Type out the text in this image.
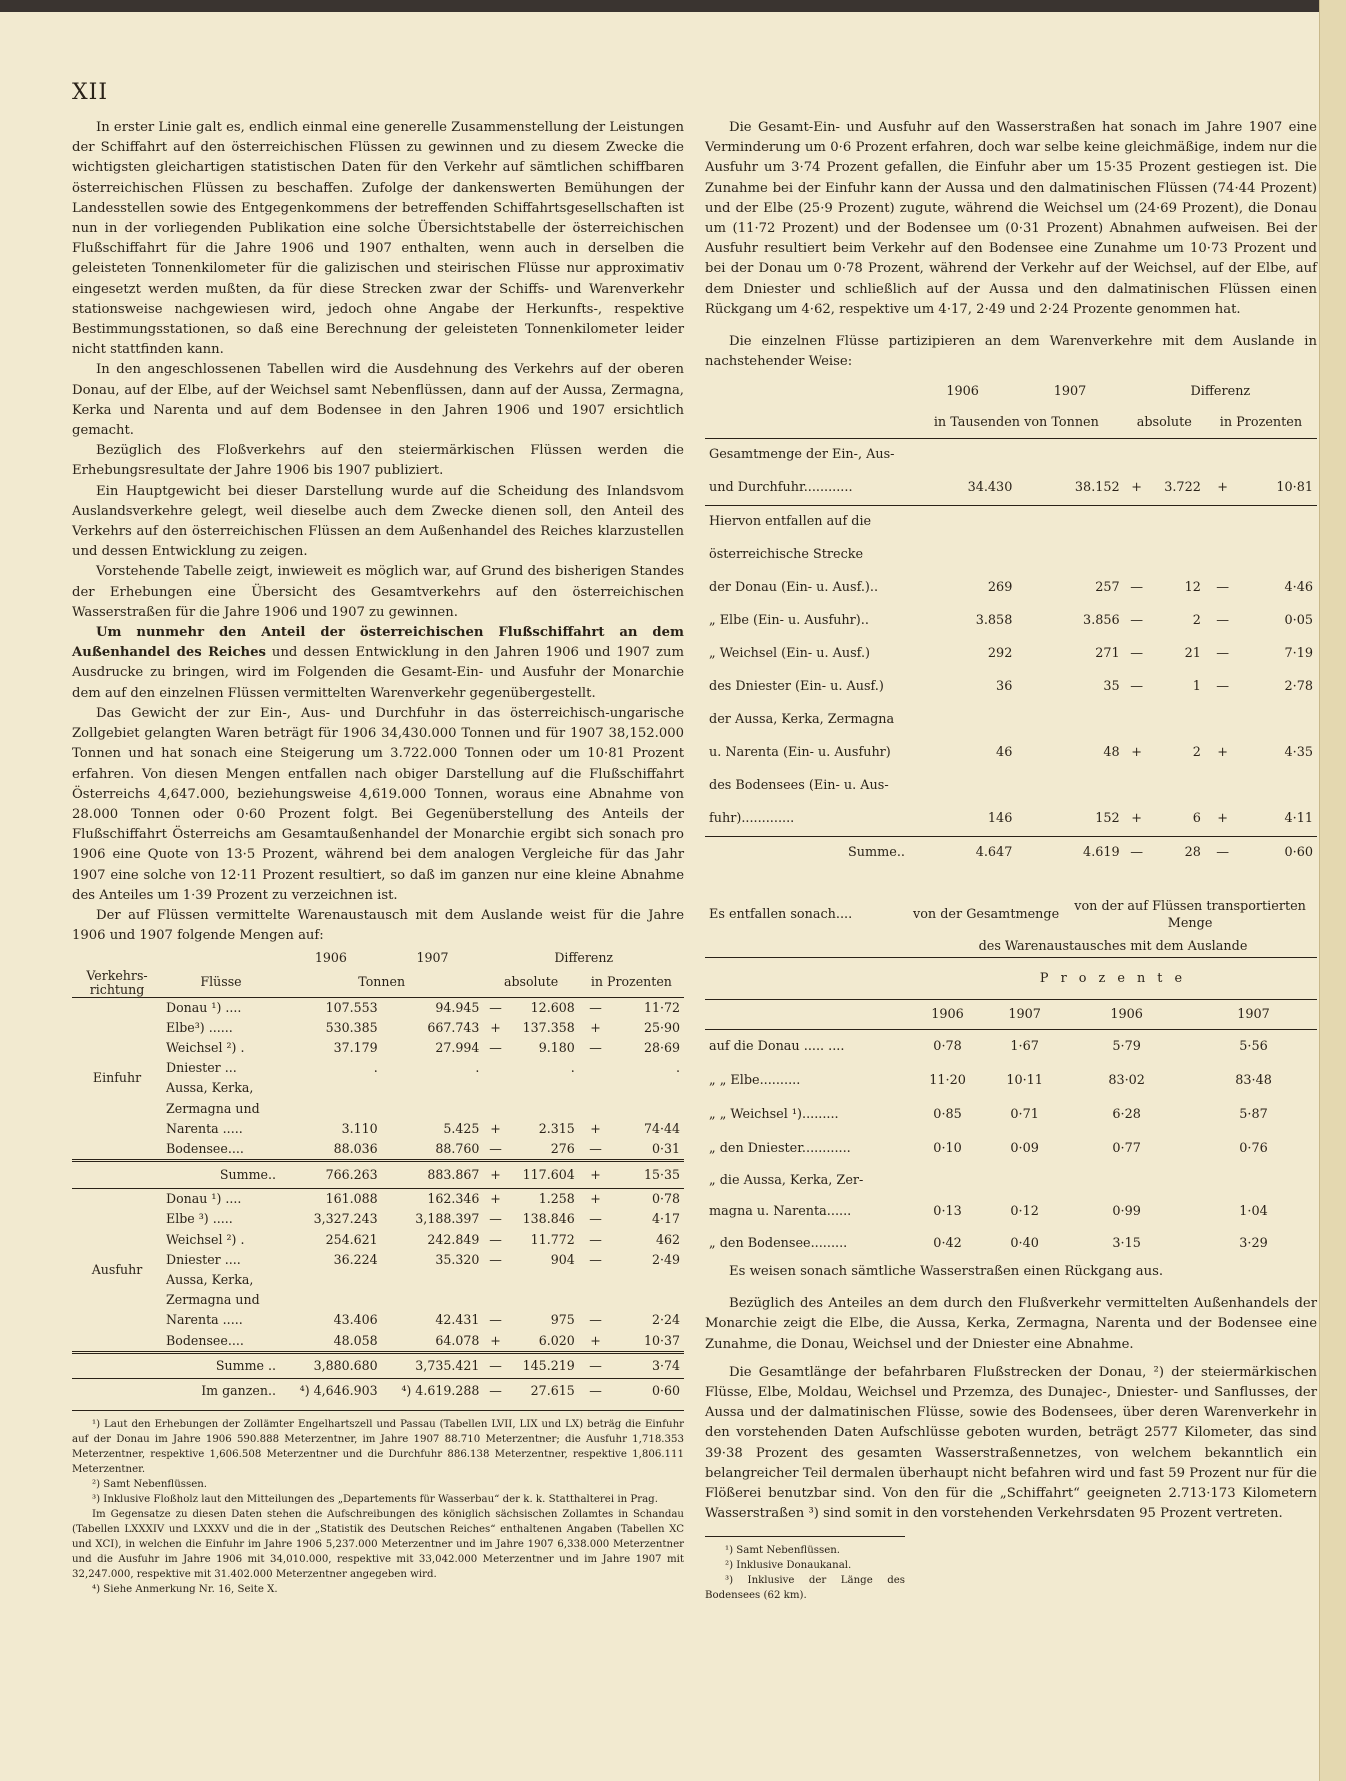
XII

In erster Linie galt es, endlich einmal eine generelle Zusammenstellung der Leistungen der Schiffahrt auf den österreichischen Flüssen zu gewinnen und zu diesem Zwecke die wichtigsten gleichartigen statistischen Daten für den Verkehr auf sämtlichen schiffbaren österreichischen Flüssen zu beschaffen. Zufolge der dankenswerten Bemühungen der Landesstellen sowie des Entgegenkommens der betreffenden Schiffahrtsgesellschaften ist nun in der vorliegenden Publikation eine solche Übersichtstabelle der österreichischen Flußschiffahrt für die Jahre 1906 und 1907 enthalten, wenn auch in derselben die geleisteten Tonnenkilometer für die galizischen und steirischen Flüsse nur approximativ eingesetzt werden mußten, da für diese Strecken zwar der Schiffs- und Warenverkehr stationsweise nachgewiesen wird, jedoch ohne Angabe der Herkunfts-, respektive Bestimmungsstationen, so daß eine Berechnung der geleisteten Tonnenkilometer leider nicht stattfinden kann.

In den angeschlossenen Tabellen wird die Ausdehnung des Verkehrs auf der oberen Donau, auf der Elbe, auf der Weichsel samt Nebenflüssen, dann auf der Aussa, Zermagna, Kerka und Narenta und auf dem Bodensee in den Jahren 1906 und 1907 ersichtlich gemacht.

Bezüglich des Floßverkehrs auf den steiermärkischen Flüssen werden die Erhebungsresultate der Jahre 1906 bis 1907 publiziert.

Ein Hauptgewicht bei dieser Darstellung wurde auf die Scheidung des Inlandsvom Auslandsverkehre gelegt, weil dieselbe auch dem Zwecke dienen soll, den Anteil des Verkehrs auf den österreichischen Flüssen an dem Außenhandel des Reiches klarzustellen und dessen Entwicklung zu zeigen.

Vorstehende Tabelle zeigt, inwieweit es möglich war, auf Grund des bisherigen Standes der Erhebungen eine Übersicht des Gesamtverkehrs auf den österreichischen Wasserstraßen für die Jahre 1906 und 1907 zu gewinnen.

Um nunmehr den Anteil der österreichischen Flußschiffahrt an dem Außenhandel des Reiches und dessen Entwicklung in den Jahren 1906 und 1907 zum Ausdrucke zu bringen, wird im Folgenden die Gesamt-Ein- und Ausfuhr der Monarchie dem auf den einzelnen Flüssen vermittelten Warenverkehr gegenübergestellt.

Das Gewicht der zur Ein-, Aus- und Durchfuhr in das österreichisch-ungarische Zollgebiet gelangten Waren beträgt für 1906 34,430.000 Tonnen und für 1907 38,152.000 Tonnen und hat sonach eine Steigerung um 3.722.000 Tonnen oder um 10·81 Prozent erfahren. Von diesen Mengen entfallen nach obiger Darstellung auf die Flußschiffahrt Österreichs 4,647.000, beziehungsweise 4,619.000 Tonnen, woraus eine Abnahme von 28.000 Tonnen oder 0·60 Prozent folgt. Bei Gegenüberstellung des Anteils der Flußschiffahrt Österreichs am Gesamtaußenhandel der Monarchie ergibt sich sonach pro 1906 eine Quote von 13·5 Prozent, während bei dem analogen Vergleiche für das Jahr 1907 eine solche von 12·11 Prozent resultiert, so daß im ganzen nur eine kleine Abnahme des Anteiles um 1·39 Prozent zu verzeichnen ist.

Der auf Flüssen vermittelte Warenaustausch mit dem Auslande weist für die Jahre 1906 und 1907 folgende Mengen auf:

		1906	1907	Differenz			
Verkehrs-richtung	Flüsse	Tonnen		absolute		in Prozenten	
Einfuhr	Donau ¹) ....	107.553	94.945	—	12.608	—	11·72
	Elbe³) ......	530.385	667.743	+	137.358	+	25·90
	Weichsel ²) .	37.179	27.994	—	9.180	—	28·69
	Dniester ...	.	.		.		.
	Aussa, Kerka,						
	Zermagna und						
	Narenta .....	3.110	5.425	+	2.315	+	74·44
	Bodensee....	88.036	88.760	—	276	—	0·31
	Summe..	766.263	883.867	+	117.604	+	15·35
Ausfuhr	Donau ¹) ....	161.088	162.346	+	1.258	+	0·78
	Elbe ³) .....	3,327.243	3,188.397	—	138.846	—	4·17
	Weichsel ²) .	254.621	242.849	—	11.772	—	462
	Dniester ....	36.224	35.320	—	904	—	2·49
	Aussa, Kerka,						
	Zermagna und						
	Narenta .....	43.406	42.431	—	975	—	2·24
	Bodensee....	48.058	64.078	+	6.020	+	10·37
	Summe ..	3,880.680	3,735.421	—	145.219	—	3·74
	Im ganzen..	⁴) 4,646.903	⁴) 4.619.288	—	27.615	—	0·60

¹) Laut den Erhebungen der Zollämter Engelhartszell und Passau (Tabellen LVII, LIX und LX) beträg die Einfuhr auf der Donau im Jahre 1906 590.888 Meterzentner, im Jahre 1907 88.710 Meterzentner; die Ausfuhr 1,718.353 Meterzentner, respektive 1,606.508 Meterzentner und die Durchfuhr 886.138 Meterzentner, respektive 1,806.111 Meterzentner.

²) Samt Nebenflüssen.

³) Inklusive Floßholz laut den Mitteilungen des „Departements für Wasserbau“ der k. k. Statthalterei in Prag.

Im Gegensatze zu diesen Daten stehen die Aufschreibungen des königlich sächsischen Zollamtes in Schandau (Tabellen LXXXIV und LXXXV und die in der „Statistik des Deutschen Reiches“ enthaltenen Angaben (Tabellen XC und XCI), in welchen die Einfuhr im Jahre 1906 5,237.000 Meterzentner und im Jahre 1907 6,338.000 Meterzentner und die Ausfuhr im Jahre 1906 mit 34,010.000, respektive mit 33,042.000 Meterzentner und im Jahre 1907 mit 32,247.000, respektive mit 31.402.000 Meterzentner angegeben wird.

⁴) Siehe Anmerkung Nr. 16, Seite X.

Die Gesamt-Ein- und Ausfuhr auf den Wasserstraßen hat sonach im Jahre 1907 eine Verminderung um 0·6 Prozent erfahren, doch war selbe keine gleichmäßige, indem nur die Ausfuhr um 3·74 Prozent gefallen, die Einfuhr aber um 15·35 Prozent gestiegen ist. Die Zunahme bei der Einfuhr kann der Aussa und den dalmatinischen Flüssen (74·44 Prozent) und der Elbe (25·9 Prozent) zugute, während die Weichsel um (24·69 Prozent), die Donau um (11·72 Prozent) und der Bodensee um (0·31 Prozent) Abnahmen aufweisen. Bei der Ausfuhr resultiert beim Verkehr auf den Bodensee eine Zunahme um 10·73 Prozent und bei der Donau um 0·78 Prozent, während der Verkehr auf der Weichsel, auf der Elbe, auf dem Dniester und schließlich auf der Aussa und den dalmatinischen Flüssen einen Rückgang um 4·62, respektive um 4·17, 2·49 und 2·24 Prozente genommen hat.

Die einzelnen Flüsse partizipieren an dem Warenverkehre mit dem Auslande in nachstehender Weise:

	1906	1907	Differenz			
	in Tausenden von Tonnen		absolute		in Prozenten	
Gesamtmenge der Ein-, Aus-						
und Durchfuhr............	34.430	38.152	+	3.722	+	10·81
Hiervon entfallen auf die						
österreichische Strecke						
der Donau (Ein- u. Ausf.)..	269	257	—	12	—	4·46
„ Elbe (Ein- u. Ausfuhr)..	3.858	3.856	—	2	—	0·05
„ Weichsel (Ein- u. Ausf.)	292	271	—	21	—	7·19
des Dniester (Ein- u. Ausf.)	36	35	—	1	—	2·78
der Aussa, Kerka, Zermagna						
u. Narenta (Ein- u. Ausfuhr)	46	48	+	2	+	4·35
des Bodensees (Ein- u. Aus-						
fuhr).............	146	152	+	6	+	4·11
Summe..	4.647	4.619	—	28	—	0·60
Es entfallen sonach....	von der Gesamtmenge		von der auf Flüssen transportierten Menge	
	des Warenaustausches mit dem Auslande			
	P r o z e n t e			
	1906	1907	1906	1907
auf die Donau ..... ....	0·78	1·67	5·79	5·56
„ „ Elbe..........	11·20	10·11	83·02	83·48
„ „ Weichsel ¹).........	0·85	0·71	6·28	5·87
„ den Dniester............	0·10	0·09	0·77	0·76
„ die Aussa, Kerka, Zer-				
magna u. Narenta......	0·13	0·12	0·99	1·04
„ den Bodensee.........	0·42	0·40	3·15	3·29

Es weisen sonach sämtliche Wasserstraßen einen Rückgang aus.

Bezüglich des Anteiles an dem durch den Flußverkehr vermittelten Außenhandels der Monarchie zeigt die Elbe, die Aussa, Kerka, Zermagna, Narenta und der Bodensee eine Zunahme, die Donau, Weichsel und der Dniester eine Abnahme.

Die Gesamtlänge der befahrbaren Flußstrecken der Donau, ²) der steiermärkischen Flüsse, Elbe, Moldau, Weichsel und Przemza, des Dunajec-, Dniester- und Sanflusses, der Aussa und der dalmatinischen Flüsse, sowie des Bodensees, über deren Warenverkehr in den vorstehenden Daten Aufschlüsse geboten wurden, beträgt 2577 Kilometer, das sind 39·38 Prozent des gesamten Wasserstraßennetzes, von welchem bekanntlich ein belangreicher Teil dermalen überhaupt nicht befahren wird und fast 59 Prozent nur für die Flößerei benutzbar sind. Von den für die „Schiffahrt“ geeigneten 2.713·173 Kilometern Wasserstraßen ³) sind somit in den vorstehenden Verkehrsdaten 95 Prozent vertreten.

¹) Samt Nebenflüssen.

²) Inklusive Donaukanal.

³) Inklusive der Länge des Bodensees (62 km).
